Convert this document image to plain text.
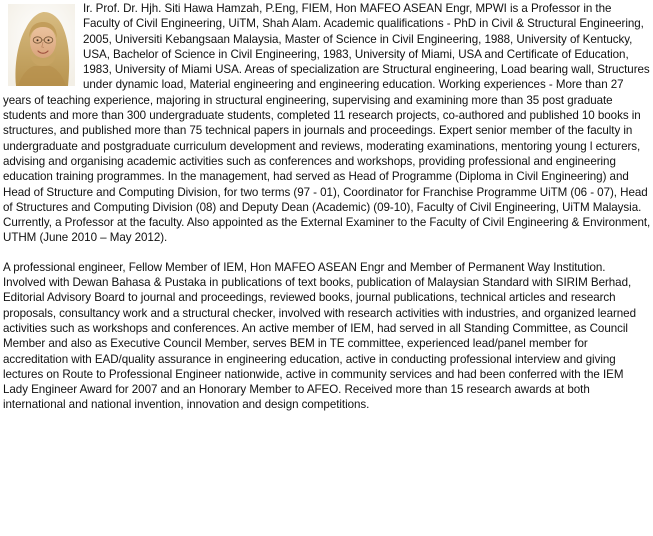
Ir. Prof. Dr. Hjh. Siti Hawa Hamzah, P.Eng, FIEM, Hon MAFEO ASEAN Engr, MPWI is a Professor in the Faculty of Civil Engineering, UiTM, Shah Alam. Academic qualifications - PhD in Civil & Structural Engineering, 2005, Universiti Kebangsaan Malaysia, Master of Science in Civil Engineering, 1988, University of Kentucky, USA, Bachelor of Science in Civil Engineering, 1983, University of Miami, USA and Certificate of Education, 1983, University of Miami USA. Areas of specialization are Structural engineering, Load bearing wall, Structures under dynamic load, Material engineering and engineering education. Working experiences - More than 27 years of teaching experience, majoring in structural engineering, supervising and examining more than 35 post graduate students and more than 300 undergraduate students, completed 11 research projects, co-authored and published 10 books in structures, and published more than 75 technical papers in journals and proceedings. Expert senior member of the faculty in undergraduate and postgraduate curriculum development and reviews, moderating examinations, mentoring young l ecturers, advising and organising academic activities such as conferences and workshops, providing professional and engineering education training programmes. In the management, had served as Head of Programme (Diploma in Civil Engineering) and Head of Structure and Computing Division, for two terms (97 - 01), Coordinator for Franchise Programme UiTM (06 - 07), Head of Structures and Computing Division (08) and Deputy Dean (Academic) (09-10), Faculty of Civil Engineering, UiTM Malaysia. Currently, a Professor at the faculty. Also appointed as the External Examiner to the Faculty of Civil Engineering & Environment, UTHM (June 2010 – May 2012).

A professional engineer, Fellow Member of IEM, Hon MAFEO ASEAN Engr and Member of Permanent Way Institution. Involved with Dewan Bahasa & Pustaka in publications of text books, publication of Malaysian Standard with SIRIM Berhad, Editorial Advisory Board to journal and proceedings, reviewed books, journal publications, technical articles and research proposals, consultancy work and a structural checker, involved with research activities with industries, and organized learned activities such as workshops and conferences. An active member of IEM, had served in all Standing Committee, as Council Member and also as Executive Council Member, serves BEM in TE committee, experienced lead/panel member for accreditation with EAD/quality assurance in engineering education, active in conducting professional interview and giving lectures on Route to Professional Engineer nationwide, active in community services and had been conferred with the IEM Lady Engineer Award for 2007 and an Honorary Member to AFEO. Received more than 15 research awards at both international and national invention, innovation and design competitions.
